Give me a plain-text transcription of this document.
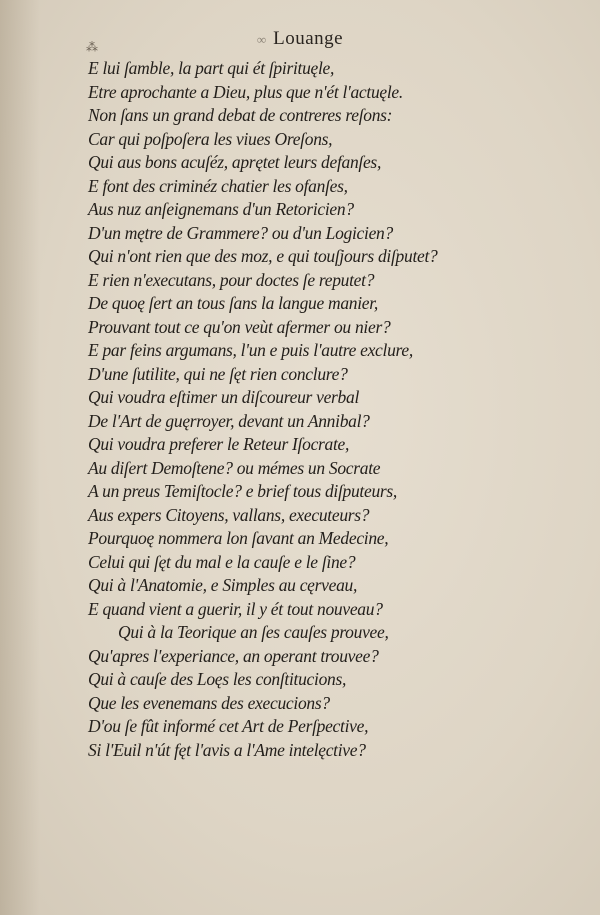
⁂	∞ Louange
E lui ſamble, la part qui ét ſpirituęle,
Etre aprochante a Dieu, plus que n'ét l'actuęle.
Non ſans un grand debat de contreres reſons:
Car qui poſpoſera les viues Oreſons,
Qui aus bons acuſéz, aprętet leurs defanſes,
E font des criminéz chatier les ofanſes,
Aus nuz anſeignemans d'un Retoricien?
D'un mętre de Grammere? ou d'un Logicien?
Qui n'ont rien que des moz, e qui touſjours diſputet?
E rien n'executans, pour doctes ſe reputet?
De quoę ſert an tous ſans la langue manier,
Prouvant tout ce qu'on veùt afermer ou nier?
E par feins argumans, l'un e puis l'autre exclure,
D'une ſutilite, qui ne ſęt rien conclure?
Qui voudra eſtimer un diſcoureur verbal
De l'Art de guęrroyer, devant un Annibal?
Qui voudra preferer le Reteur Iſocrate,
Au diſert Demoſtene? ou mémes un Socrate
A un preus Temiſtocle? e brief tous diſputeurs,
Aus expers Citoyens, vallans, executeurs?
Pourquoę nommera lon ſavant an Medecine,
Celui qui ſęt du mal e la cauſe e le ſine?
Qui à l'Anatomie, e Simples au cęrveau,
E quand vient a guerir, il y ét tout nouveau?
Qui à la Teorique an ſes cauſes prouvee,
Qu'apres l'experiance, an operant trouvee?
Qui à cauſe des Loęs les conſtitucions,
Que les evenemans des execucions?
D'ou ſe fût informé cet Art de Perſpective,
Si l'Euil n'út fęt l'avis a l'Ame intelęctive?
